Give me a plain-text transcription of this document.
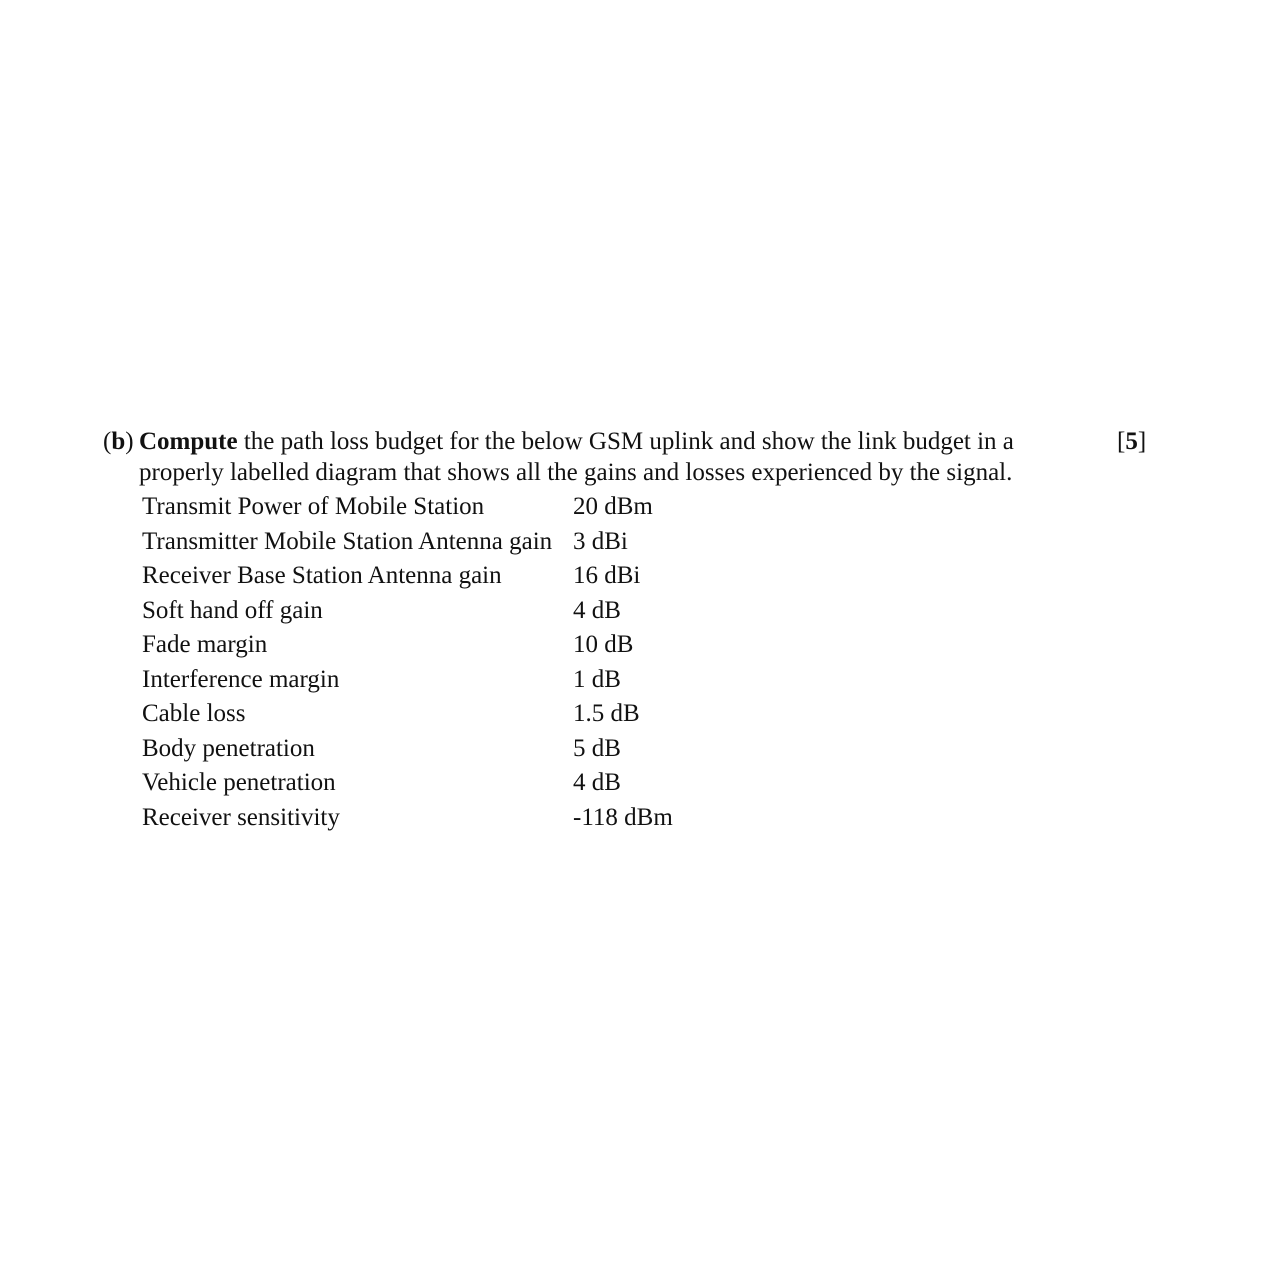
(b) Compute the path loss budget for the below GSM uplink and show the link budget in a properly labelled diagram that shows all the gains and losses experienced by the signal.
[5]
Transmit Power of Mobile Station	20 dBm
Transmitter Mobile Station Antenna gain 3 dBi
Receiver Base Station Antenna gain	16 dBi
Soft hand off gain	4 dB
Fade margin	10 dB
Interference margin	1 dB
Cable loss	1.5 dB
Body penetration	5 dB
Vehicle penetration	4 dB
Receiver sensitivity	-118 dBm
